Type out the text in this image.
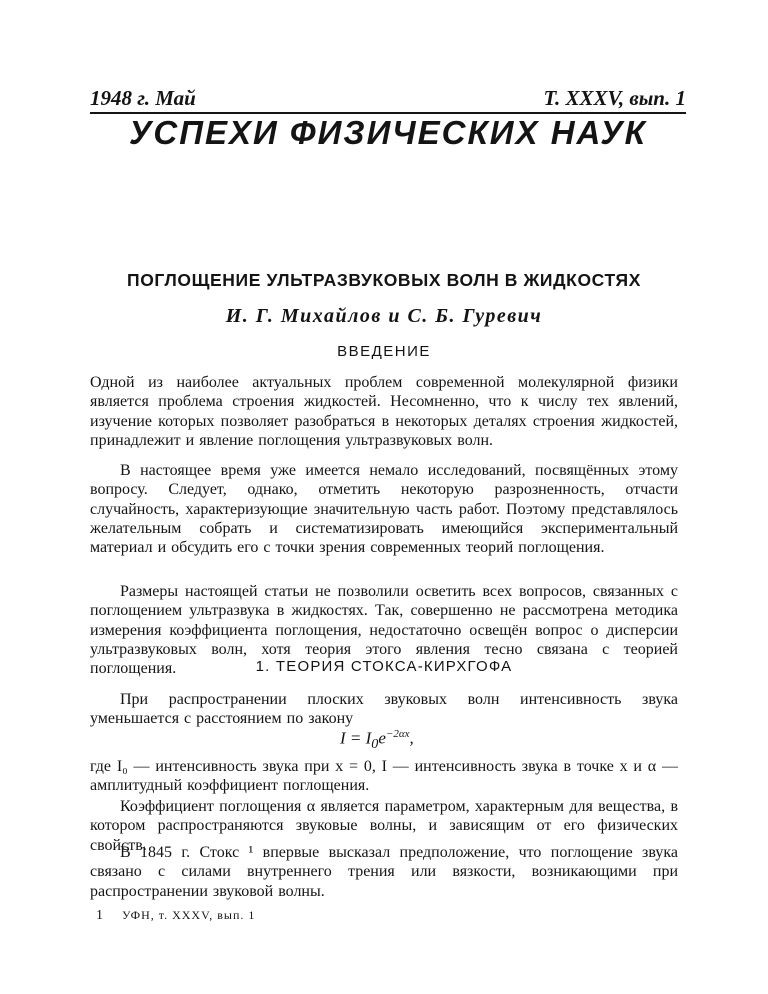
1948 г. Май	Т. XXXV, вып. 1
УСПЕХИ ФИЗИЧЕСКИХ НАУК
ПОГЛОЩЕНИЕ УЛЬТРАЗВУКОВЫХ ВОЛН В ЖИДКОСТЯХ
И. Г. Михайлов и С. Б. Гуревич
ВВЕДЕНИЕ
Одной из наиболее актуальных проблем современной молекулярной физики является проблема строения жидкостей. Несомненно, что к числу тех явлений, изучение которых позволяет разобраться в некоторых деталях строения жидкостей, принадлежит и явление поглощения ультразвуковых волн.
В настоящее время уже имеется немало исследований, посвящённых этому вопросу. Следует, однако, отметить некоторую разрозненность, отчасти случайность, характеризующие значительную часть работ. Поэтому представлялось желательным собрать и систематизировать имеющийся экспериментальный материал и обсудить его с точки зрения современных теорий поглощения.
Размеры настоящей статьи не позволили осветить всех вопросов, связанных с поглощением ультразвука в жидкостях. Так, совершенно не рассмотрена методика измерения коэффициента поглощения, недостаточно освещён вопрос о дисперсии ультразвуковых волн, хотя теория этого явления тесно связана с теорией поглощения.	1. ТЕОРИЯ СТОКСА-КИРХГОФА
При распространении плоских звуковых волн интенсивность звука уменьшается с расстоянием по закону
$I = I_0e^{-2\alpha x}$,
где I₀ — интенсивность звука при x = 0, I — интенсивность звука в точке x и α — амплитудный коэффициент поглощения.
Коэффициент поглощения α является параметром, характерным для вещества, в котором распространяются звуковые волны, и зависящим от его физических свойств.
В 1845 г. Стокс ¹ впервые высказал предположение, что поглощение звука связано с силами внутреннего трения или вязкости, возникающими при распространении звуковой волны.
1 УФН, т. XXXV, вып. 1
